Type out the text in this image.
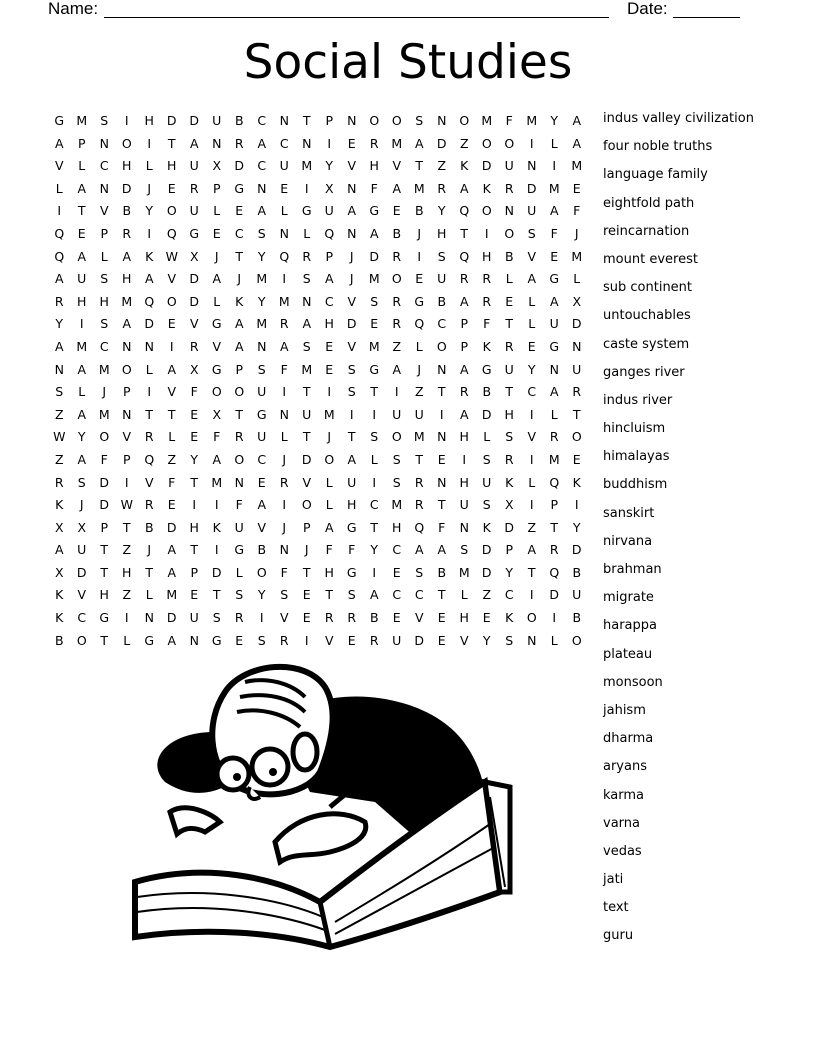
Name:	Date:
Social Studies
G M	S	I	H	D	D	U	B	C	N	T	P	N	O	O	S	N	O M	F	M	Y	A
A	P	N	O	I	T	A	N	R	A	C	N	I	E	R	M	A	D	Z	O	O	I	L	A
V	L	C	H	L	H	U	X	D	C	U	M	Y	V	H	V	T	Z	K	D	U	N	I	M
L	A	N	D	J	E	R	P	G	N	E	I	X	N	F	A	M	R	A	K	R	D M	E
I	T	V	B	Y	O	U	L	E	A	L	G	U	A	G	E	B	Y	Q	O	N	U	A	F
Q	E	P	R	I	Q	G	E	C	S	N	L	Q	N	A	B	J	H	T	I	O	S	F	J
Q	A	L	A	K W X	J	T	Y	Q	R	P	J	D	R	I	S	Q	H	B	V	E	M
A	U	S	H	A	V	D	A	J	M	I	S	A	J	M O	E	U	R	R	L	A	G	L
R	H	H M Q	O	D	L	K	Y	M N	C	V	S	R	G	B	A	R	E	L	A	X
Y	I	S	A	D	E	V	G	A	M	R	A	H	D	E	R	Q	C	P	F	T	L	U	D
A	M	C	N	N	I	R	V	A	N	A	S	E	V	M	Z	L	O	P	K	R	E	G	N
N	A	M O	L	A	X	G	P	S	F	M	E	S	G	A	J	N	A	G	U	Y	N	U
S	L	J	P	I	V	F	O	O	U	I	T	I	S	T	I	Z	T	R	B	T	C	A	R
Z	A	M N	T	T	E	X	T	G	N	U	M	I	I	U	U	I	A	D	H	I	L	T
W Y	O	V	R	L	E	F	R	U	L	T	J	T	S	O M N	H	L	S	V	R	O
Z	A	F	P	Q	Z	Y	A	O	C	J	D	O	A	L	S	T	E	I	S	R	I	M	E
R	S	D	I	V	F	T	M N	E	R	V	L	U	I	S	R	N	H	U	K	L	Q	K
K	J	D W R	E	I	I	F	A	I	O	L	H	C	M	R	T	U	S	X	I	P	I
X	X	P	T	B	D	H	K	U	V	J	P	A	G	T	H	Q	F	N	K	D	Z	T	Y
A	U	T	Z	J	A	T	I	G	B	N	J	F	F	Y	C	A	A	S	D	P	A	R	D
X	D	T	H	T	A	P	D	L	O	F	T	H	G	I	E	S	B	M D	Y	T	Q	B
K	V	H	Z	L	M	E	T	S	Y	S	E	T	S	A	C	C	T	L	Z	C	I	D	U
K	C	G	I	N	D	U	S	R	I	V	E	R	R	B	E	V	E	H	E	K	O	I	B
B	O	T	L	G	A	N	G	E	S	R	I	V	E	R	U	D	E	V	Y	S	N	L	O
indus valley civilization
four noble truths
language family
eightfold path
reincarnation
mount everest
sub continent
untouchables
caste system
ganges river
indus river
hincluism
himalayas
buddhism
sanskirt
nirvana
brahman
migrate
harappa
plateau
monsoon
jahism
dharma
aryans
karma
varna
vedas
jati
text
guru
